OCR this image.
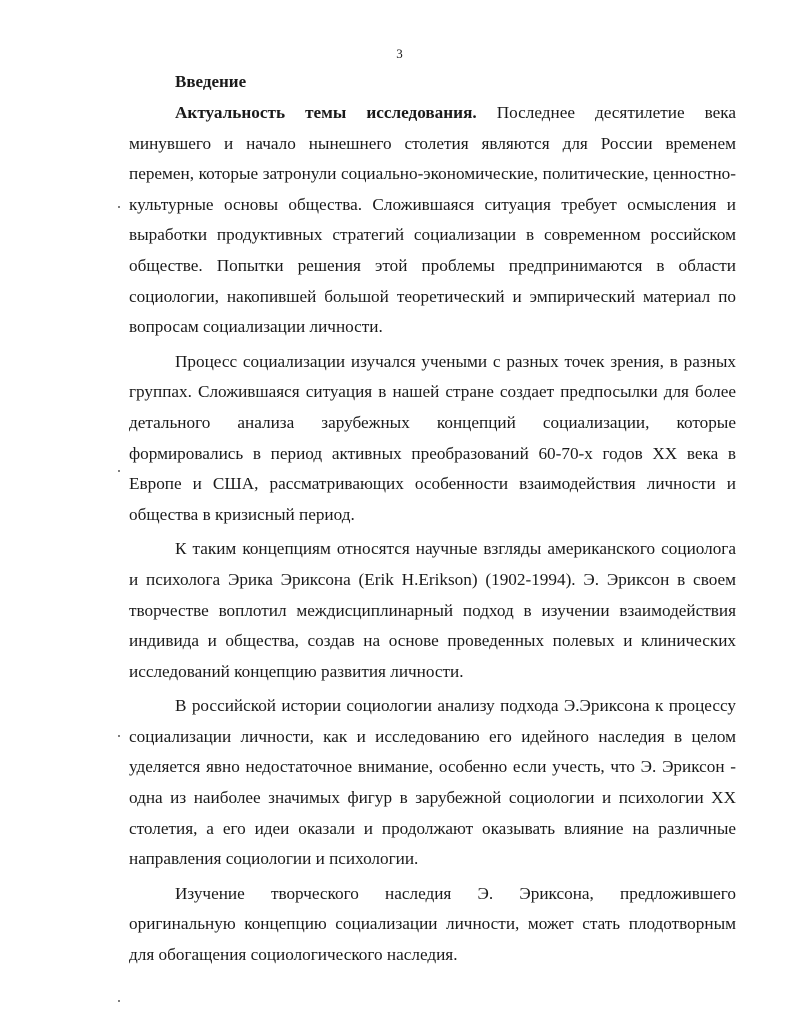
3
Введение

Актуальность темы исследования. Последнее десятилетие века минувшего и начало нынешнего столетия являются для России временем перемен, которые затронули социально-экономические, политические, ценностно-культурные основы общества. Сложившаяся ситуация требует осмысления и выработки продуктивных стратегий социализации в современном российском обществе. Попытки решения этой проблемы предпринимаются в области социологии, накопившей большой теоретический и эмпирический материал по вопросам социализации личности.

Процесс социализации изучался учеными с разных точек зрения, в разных группах. Сложившаяся ситуация в нашей стране создает предпосылки для более детального анализа зарубежных концепций социализации, которые формировались в период активных преобразований 60-70-х годов XX века в Европе и США, рассматривающих особенности взаимодействия личности и общества в кризисный период.

К таким концепциям относятся научные взгляды американского социолога и психолога Эрика Эриксона (Erik H.Erikson) (1902-1994). Э. Эриксон в своем творчестве воплотил междисциплинарный подход в изучении взаимодействия индивида и общества, создав на основе проведенных полевых и клинических исследований концепцию развития личности.

В российской истории социологии анализу подхода Э.Эриксона к процессу социализации личности, как и исследованию его идейного наследия в целом уделяется явно недостаточное внимание, особенно если учесть, что Э. Эриксон - одна из наиболее значимых фигур в зарубежной социологии и психологии XX столетия, а его идеи оказали и продолжают оказывать влияние на различные направления социологии и психологии.

Изучение творческого наследия Э. Эриксона, предложившего оригинальную концепцию социализации личности, может стать плодотворным для обогащения социологического наследия.
